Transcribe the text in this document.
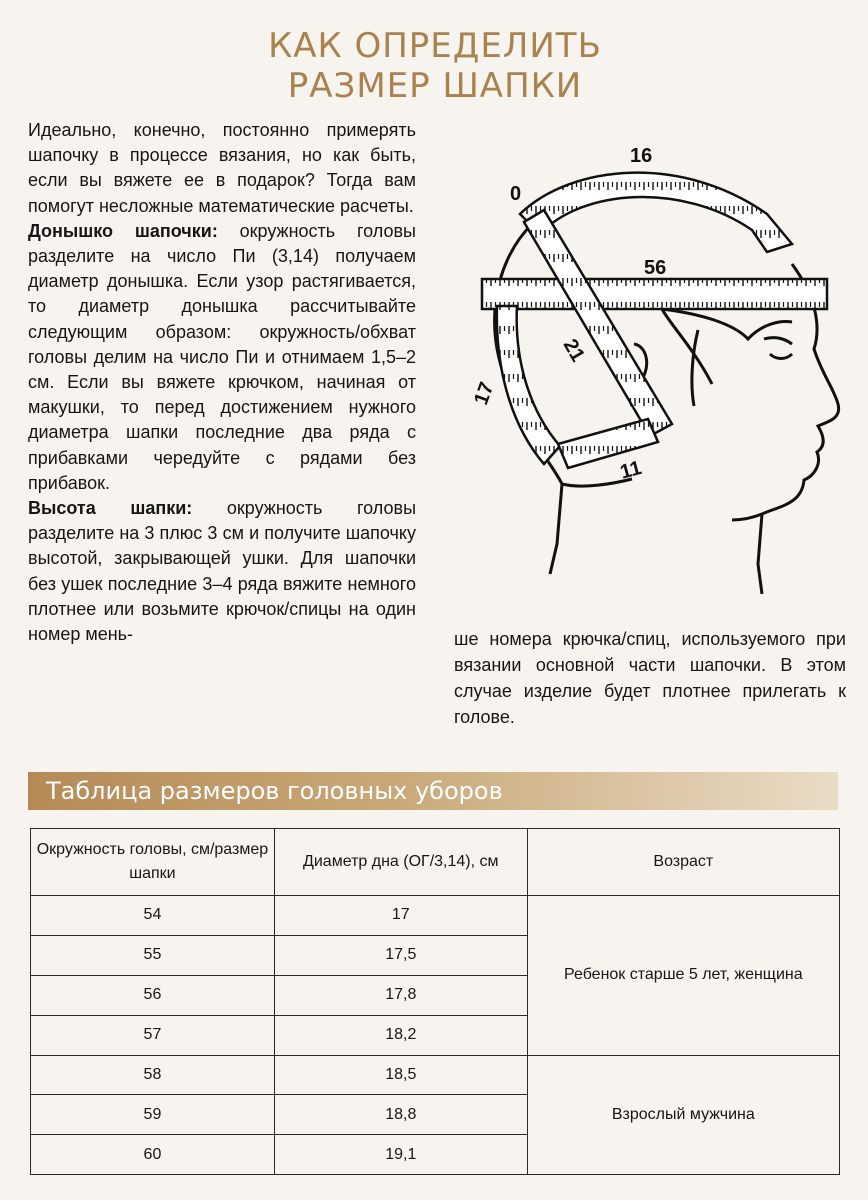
КАК ОПРЕДЕЛИТЬ
РАЗМЕР ШАПКИ

Идеально, конечно, постоянно примерять шапочку в процессе вязания, но как быть, если вы вяжете ее в подарок? Тогда вам помогут несложные математические расчеты.

Донышко шапочки: окружность головы разделите на число Пи (3,14) получаем диаметр донышка. Если узор растягивается, то диаметр донышка рассчитывайте следующим образом: окружность/обхват головы делим на число Пи и отнимаем 1,5–2 см. Если вы вяжете крючком, начиная от макушки, то перед достижением нужного диаметра шапки последние два ряда с прибавками чередуйте с рядами без прибавок.

Высота шапки: окружность головы разделите на 3 плюс 3 см и получите шапочку высотой, закрывающей ушки. Для шапочки без ушек последние 3–4 ряда вяжите немного плотнее или возьмите крючок/спицы на один номер мень-

16
0
56
21
17
11

ше номера крючка/спиц, используемого при вязании основной части шапочки. В этом случае изделие будет плотнее прилегать к голове.

Таблица размеров головных уборов
Окружность головы, см/размер шапки	Диаметр дна (ОГ/3,14), см	Возраст
54	17	Ребенок старше 5 лет, женщина
55	17,5	
56	17,8	
57	18,2	
58	18,5	Взрослый мужчина
59	18,8	
60	19,1	
